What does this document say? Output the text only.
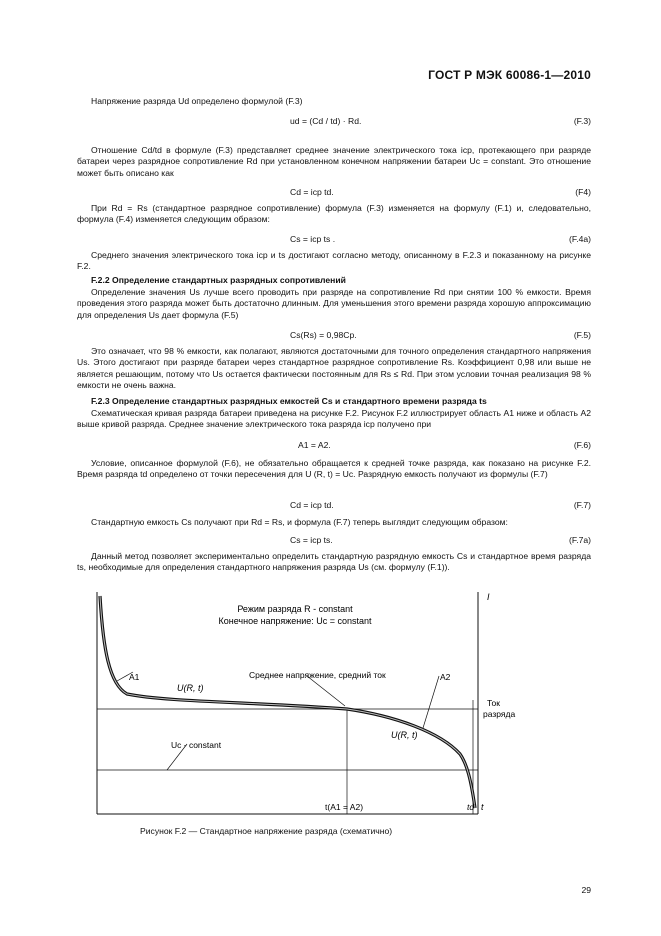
ГОСТ Р МЭК 60086-1—2010
Напряжение разряда Ud определено формулой (F.3)
ud = (Cd / td) · Rd.	(F.3)
Отношение Cd/td в формуле (F.3) представляет среднее значение электрического тока iср, протекающего при разряде батареи через разрядное сопротивление Rd при установленном конечном напряжении батареи Uc = constant. Это отношение может быть описано как
Cd = iср td.	(F4)
При Rd = Rs (стандартное разрядное сопротивление) формула (F.3) изменяется на формулу (F.1) и, следовательно, формула (F.4) изменяется следующим образом:
Cs = iср ts .	(F.4a)
Среднего значения электрического тока iср и ts достигают согласно методу, описанному в F.2.3 и показанному на рисунке F.2.
F.2.2 Определение стандартных разрядных сопротивлений
Определение значения Us лучше всего проводить при разряде на сопротивление Rd при снятии 100 % емкости. Время проведения этого разряда может быть достаточно длинным. Для уменьшения этого времени разряда хорошую аппроксимацию для определения Us дает формула (F.5)
Cs(Rs) = 0,98Cp.	(F.5)
Это означает, что 98 % емкости, как полагают, являются достаточными для точного определения стандартного напряжения Us. Этого достигают при разряде батареи через стандартное разрядное сопротивление Rs. Коэффициент 0,98 или выше не является решающим, потому что Us остается фактически постоянным для Rs ≤ Rd. При этом условии точная реализация 98 % емкости не очень важна.
F.2.3 Определение стандартных разрядных емкостей Cs и стандартного времени разряда ts
Схематическая кривая разряда батареи приведена на рисунке F.2. Рисунок F.2 иллюстрирует область А1 ниже и область А2 выше кривой разряда. Среднее значение электрического тока разряда iср получено при
A1 = A2.	(F.6)
Условие, описанное формулой (F.6), не обязательно обращается к средней точке разряда, как показано на рисунке F.2. Время разряда td определено от точки пересечения для U (R, t) = Uc. Разрядную емкость получают из формулы (F.7)
Cd = iср td.	(F.7)
Стандартную емкость Cs получают при Rd = Rs, и формула (F.7) теперь выглядит следующим образом:
Cs = iср ts.	(F.7a)
Данный метод позволяет экспериментально определить стандартную разрядную емкость Cs и стандартное время разряда ts, необходимые для определения стандартного напряжения разряда Us (см. формулу (F.1)).
Режим разряда R - constant
Конечное напряжение: Uc = constant
Среднее напряжение, средний ток
A1	A2
U(R, t)
U(R, t)
Uc - constant
Ток
разряда
I
t
t(A1 = A2)	td
Рисунок F.2 — Стандартное напряжение разряда (схематично)
29
